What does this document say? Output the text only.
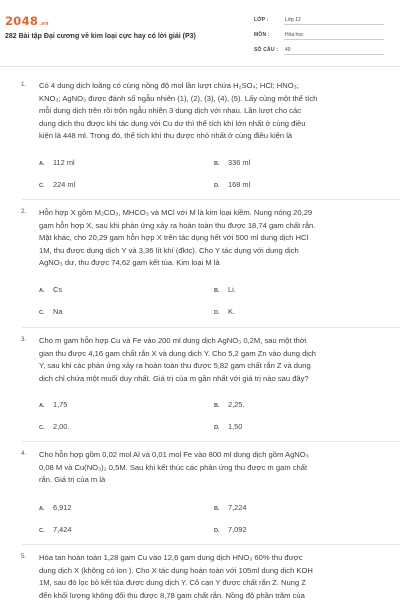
2048.vn
282 Bài tập Đại cương về kim loại cực hay có lời giải (P3)
LỚP :	Lớp 12
MÔN :	Hóa học
SỐ CÂU : 40
1. Có 4 dung dịch loãng có cùng nồng độ mol lần lượt chứa H₂SO₄; HCl; HNO₃;
KNO₃; AgNO₃ được đánh số ngẫu nhiên (1), (2), (3), (4), (5). Lấy cùng một thể tích
mỗi dung dịch trên rồi trộn ngẫu nhiên 3 dung dịch với nhau. Lần lượt cho các
dung dịch thu được khi tác dụng với Cu dư thì thể tích khí lớn nhất ở cùng điều
kiện là 448 ml. Trong đó, thể tích khí thu được nhỏ nhất ở cùng điều kiện là
A. 112 ml	B. 336 ml
C. 224 ml	D. 168 ml
2. Hỗn hợp X gồm M₂CO₃, MHCO₃ và MCl với M là kim loại kiềm. Nung nóng 20,29
gam hỗn hợp X, sau khi phản ứng xảy ra hoàn toàn thu được 18,74 gam chất rắn.
Mặt khác, cho 20,29 gam hỗn hợp X trên tác dụng hết với 500 ml dung dịch HCl
1M, thu được dung dịch Y và 3,36 lít khí (đktc). Cho Y tác dụng với dung dịch
AgNO₃ dư, thu được 74,62 gam kết tủa. Kim loại M là
A. Cs	B. Li.
C. Na	D. K.
3. Cho m gam hỗn hợp Cu và Fe vào 200 ml dung dịch AgNO₃ 0,2M, sau một thời
gian thu được 4,16 gam chất rắn X và dung dịch Y. Cho 5,2 gam Zn vào dung dịch
Y, sau khi các phản ứng xảy ra hoàn toàn thu được 5,82 gam chất rắn Z và dung
dịch chỉ chứa một muối duy nhất. Giá trị của m gần nhất với giá trị nào sau đây?
A. 1,75	B. 2,25.
C. 2,00.	D. 1,50
4. Cho hỗn hợp gồm 0,02 mol Al và 0,01 mol Fe vào 800 ml dung dịch gồm AgNO₃
0,08 M và Cu(NO₃)₂ 0,5M. Sau khi kết thúc các phản ứng thu được m gam chất
rắn. Giá trị của m là
A. 6,912	B. 7,224
C. 7,424	D. 7,092
5. Hòa tan hoàn toàn 1,28 gam Cu vào 12,6 gam dung dịch HNO₃ 60% thu được
dung dịch X (không có ion ). Cho X tác dụng hoàn toàn với 105ml dung dịch KOH
1M, sau đó lọc bỏ kết tủa được dung dịch Y. Cô cạn Y được chất rắn Z. Nung Z
đến khối lượng không đổi thu được 8,78 gam chất rắn. Nồng độ phần trăm của
